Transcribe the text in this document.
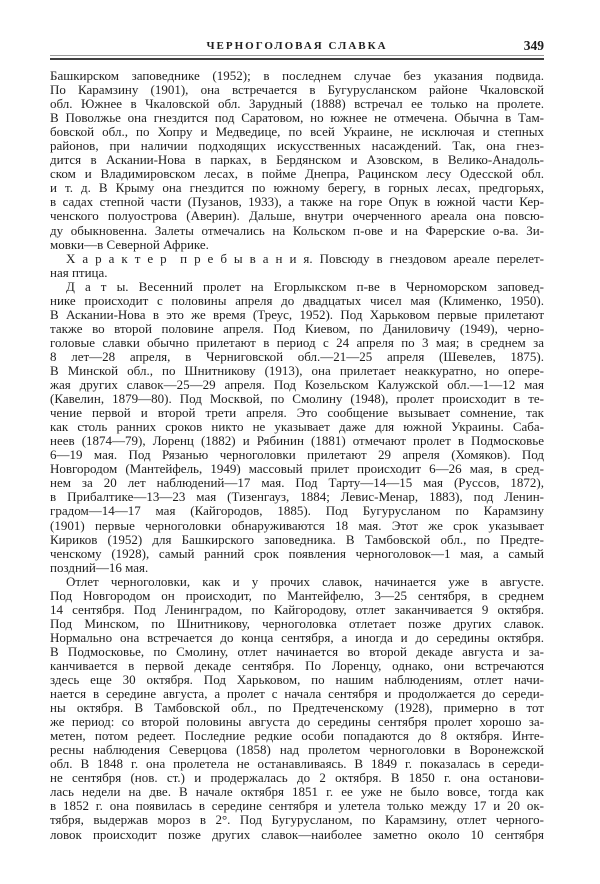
ЧЕРНОГОЛОВАЯ СЛАВКА	349
Башкирском заповеднике (1952); в последнем случае без указания подвида.
По Карамзину (1901), она встречается в Бугурусланском районе Чкаловской
обл. Южнее в Чкаловской обл. Зарудный (1888) встречал ее только на пролете.
В Поволжье она гнездится под Саратовом, но южнее не отмечена. Обычна в Там-
бовской обл., по Хопру и Медведице, по всей Украине, не исключая и степных
районов, при наличии подходящих искусственных насаждений. Так, она гнез-
дится в Аскании-Нова в парках, в Бердянском и Азовском, в Велико-Анадоль-
ском и Владимировском лесах, в пойме Днепра, Рацинском лесу Одесской обл.
и т. д. В Крыму она гнездится по южному берегу, в горных лесах, предгорьях,
в садах степной части (Пузанов, 1933), а также на горе Опук в южной части Кер-
ченского полуострова (Аверин). Дальше, внутри очерченного ареала она повсю-
ду обыкновенна. Залеты отмечались на Кольском п-ове и на Фарерские о-ва. Зи-
мовки—в Северной Африке.
Х а р а к т е р  п р е б ы в а н и я. Повсюду в гнездовом ареале перелет-
ная птица.
Д а т ы. Весенний пролет на Егорлыкском п-ве в Черноморском заповед-
нике происходит с половины апреля до двадцатых чисел мая (Клименко, 1950).
В Аскании-Нова в это же время (Треус, 1952). Под Харьковом первые прилетают
также во второй половине апреля. Под Киевом, по Даниловичу (1949), черно-
головые славки обычно прилетают в период с 24 апреля по 3 мая; в среднем за
8 лет—28 апреля, в Черниговской обл.—21—25 апреля (Шевелев, 1875).
В Минской обл., по Шнитникову (1913), она прилетает неаккуратно, но опере-
жая других славок—25—29 апреля. Под Козельском Калужской обл.—1—12 мая
(Кавелин, 1879—80). Под Москвой, по Смолину (1948), пролет происходит в те-
чение первой и второй трети апреля. Это сообщение вызывает сомнение, так
как столь ранних сроков никто не указывает даже для южной Украины. Саба-
неев (1874—79), Лоренц (1882) и Рябинин (1881) отмечают пролет в Подмосковье
6—19 мая. Под Рязанью черноголовки прилетают 29 апреля (Хомяков). Под
Новгородом (Мантейфель, 1949) массовый прилет происходит 6—26 мая, в сред-
нем за 20 лет наблюдений—17 мая. Под Тарту—14—15 мая (Руссов, 1872),
в Прибалтике—13—23 мая (Тизенгауз, 1884; Левис-Менар, 1883), под Ленин-
градом—14—17 мая (Кайгородов, 1885). Под Бугурусланом по Карамзину
(1901) первые черноголовки обнаруживаются 18 мая. Этот же срок указывает
Кириков (1952) для Башкирского заповедника. В Тамбовской обл., по Предте-
ченскому (1928), самый ранний срок появления черноголовок—1 мая, а самый
поздний—16 мая.
Отлет черноголовки, как и у прочих славок, начинается уже в августе.
Под Новгородом он происходит, по Мантейфелю, 3—25 сентября, в среднем
14 сентября. Под Ленинградом, по Кайгородову, отлет заканчивается 9 октября.
Под Минском, по Шнитникову, черноголовка отлетает позже других славок.
Нормально она встречается до конца сентября, а иногда и до середины октября.
В Подмосковье, по Смолину, отлет начинается во второй декаде августа и за-
канчивается в первой декаде сентября. По Лоренцу, однако, они встречаются
здесь еще 30 октября. Под Харьковом, по нашим наблюдениям, отлет начи-
нается в середине августа, а пролет с начала сентября и продолжается до середи-
ны октября. В Тамбовской обл., по Предтеченскому (1928), примерно в тот
же период: со второй половины августа до середины сентября пролет хорошо за-
метен, потом редеет. Последние редкие особи попадаются до 8 октября. Инте-
ресны наблюдения Северцова (1858) над пролетом черноголовки в Воронежской
обл. В 1848 г. она пролетела не останавливаясь. В 1849 г. показалась в середи-
не сентября (нов. ст.) и продержалась до 2 октября. В 1850 г. она останови-
лась недели на две. В начале октября 1851 г. ее уже не было вовсе, тогда как
в 1852 г. она появилась в середине сентября и улетела только между 17 и 20 ок-
тября, выдержав мороз в 2°. Под Бугурусланом, по Карамзину, отлет черного-
ловок происходит позже других славок—наиболее заметно около 10 сентября
